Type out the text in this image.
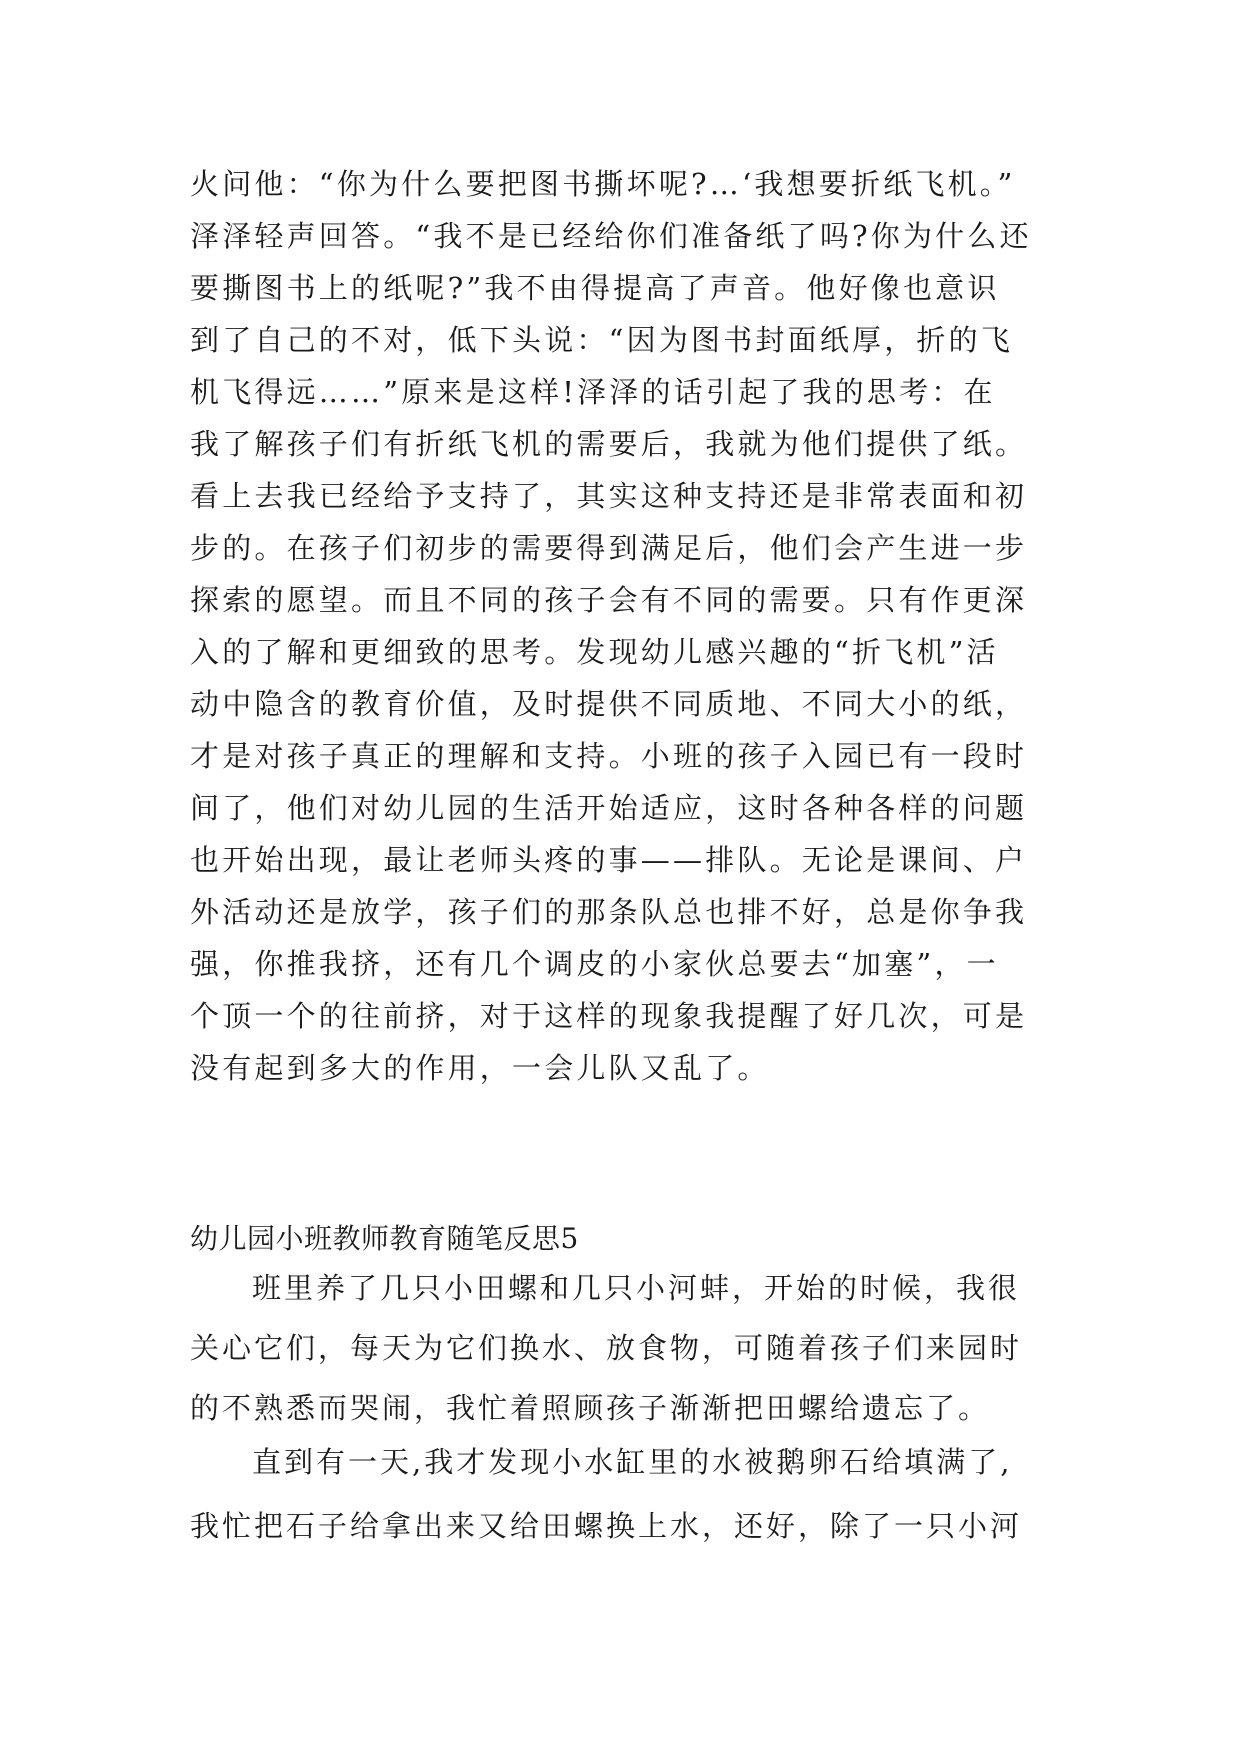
火问他：“你为什么要把图书撕坏呢?…‘我想要折纸飞机。”
泽泽轻声回答。“我不是已经给你们准备纸了吗?你为什么还
要撕图书上的纸呢?”我不由得提高了声音。他好像也意识
到了自己的不对，低下头说：“因为图书封面纸厚，折的飞
机飞得远……”原来是这样!泽泽的话引起了我的思考：在
我了解孩子们有折纸飞机的需要后，我就为他们提供了纸。
看上去我已经给予支持了，其实这种支持还是非常表面和初
步的。在孩子们初步的需要得到满足后，他们会产生进一步
探索的愿望。而且不同的孩子会有不同的需要。只有作更深
入的了解和更细致的思考。发现幼儿感兴趣的“折飞机”活
动中隐含的教育价值，及时提供不同质地、不同大小的纸，
才是对孩子真正的理解和支持。小班的孩子入园已有一段时
间了，他们对幼儿园的生活开始适应，这时各种各样的问题
也开始出现，最让老师头疼的事——排队。无论是课间、户
外活动还是放学，孩子们的那条队总也排不好，总是你争我
强，你推我挤，还有几个调皮的小家伙总要去“加塞”，一
个顶一个的往前挤，对于这样的现象我提醒了好几次，可是
没有起到多大的作用，一会儿队又乱了。
幼儿园小班教师教育随笔反思5
班里养了几只小田螺和几只小河蚌，开始的时候，我很
关心它们，每天为它们换水、放食物，可随着孩子们来园时
的不熟悉而哭闹，我忙着照顾孩子渐渐把田螺给遗忘了。
直到有一天,我才发现小水缸里的水被鹅卵石给填满了,
我忙把石子给拿出来又给田螺换上水，还好，除了一只小河
